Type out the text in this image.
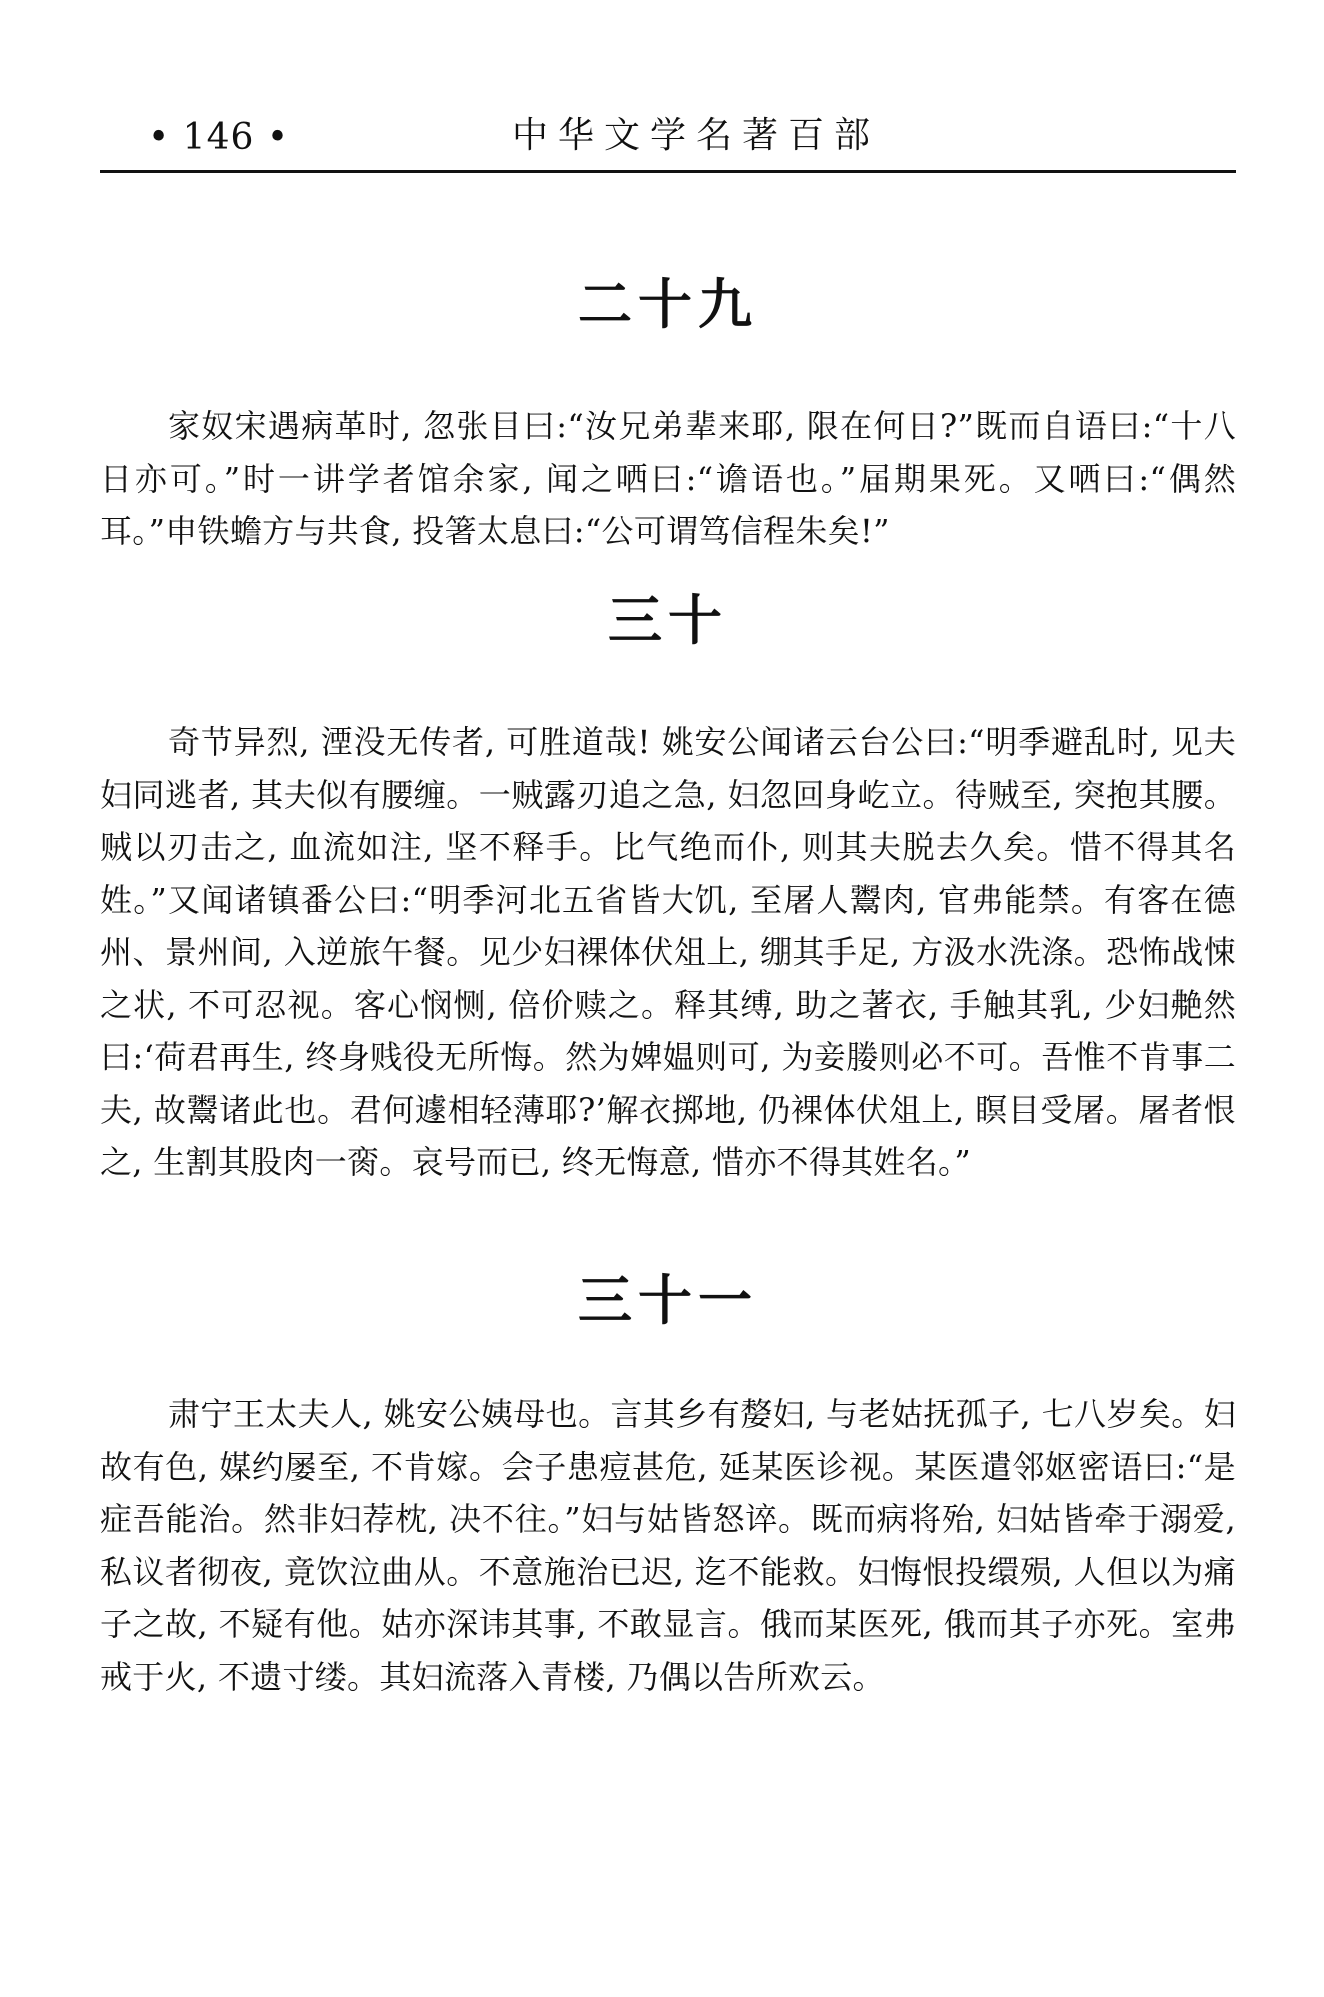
• 146 •	中华文学名著百部
二十九

家奴宋遇病革时, 忽张目曰:“汝兄弟辈来耶, 限在何日?”既而自语曰:“十八日亦可。”时一讲学者馆余家, 闻之哂曰:“谵语也。”届期果死。又哂曰:“偶然耳。”申铁蟾方与共食, 投箸太息曰:“公可谓笃信程朱矣!”

三十

奇节异烈, 湮没无传者, 可胜道哉! 姚安公闻诸云台公曰:“明季避乱时, 见夫妇同逃者, 其夫似有腰缠。一贼露刃追之急, 妇忽回身屹立。待贼至, 突抱其腰。贼以刃击之, 血流如注, 坚不释手。比气绝而仆, 则其夫脱去久矣。惜不得其名姓。”又闻诸镇番公曰:“明季河北五省皆大饥, 至屠人鬻肉, 官弗能禁。有客在德州、景州间, 入逆旅午餐。见少妇裸体伏俎上, 绷其手足, 方汲水洗涤。恐怖战悚之状, 不可忍视。客心悯恻, 倍价赎之。释其缚, 助之著衣, 手触其乳, 少妇艴然曰:‘荷君再生, 终身贱役无所悔。然为婢媪则可, 为妾媵则必不可。吾惟不肯事二夫, 故鬻诸此也。君何遽相轻薄耶?’解衣掷地, 仍裸体伏俎上, 瞑目受屠。屠者恨之, 生割其股肉一脔。哀号而已, 终无悔意, 惜亦不得其姓名。”

三十一

肃宁王太夫人, 姚安公姨母也。言其乡有嫠妇, 与老姑抚孤子, 七八岁矣。妇故有色, 媒约屡至, 不肯嫁。会子患痘甚危, 延某医诊视。某医遣邻妪密语曰:“是症吾能治。然非妇荐枕, 决不往。”妇与姑皆怒谇。既而病将殆, 妇姑皆牵于溺爱, 私议者彻夜, 竟饮泣曲从。不意施治已迟, 迄不能救。妇悔恨投缳殒, 人但以为痛子之故, 不疑有他。姑亦深讳其事, 不敢显言。俄而某医死, 俄而其子亦死。室弗戒于火, 不遗寸缕。其妇流落入青楼, 乃偶以告所欢云。
